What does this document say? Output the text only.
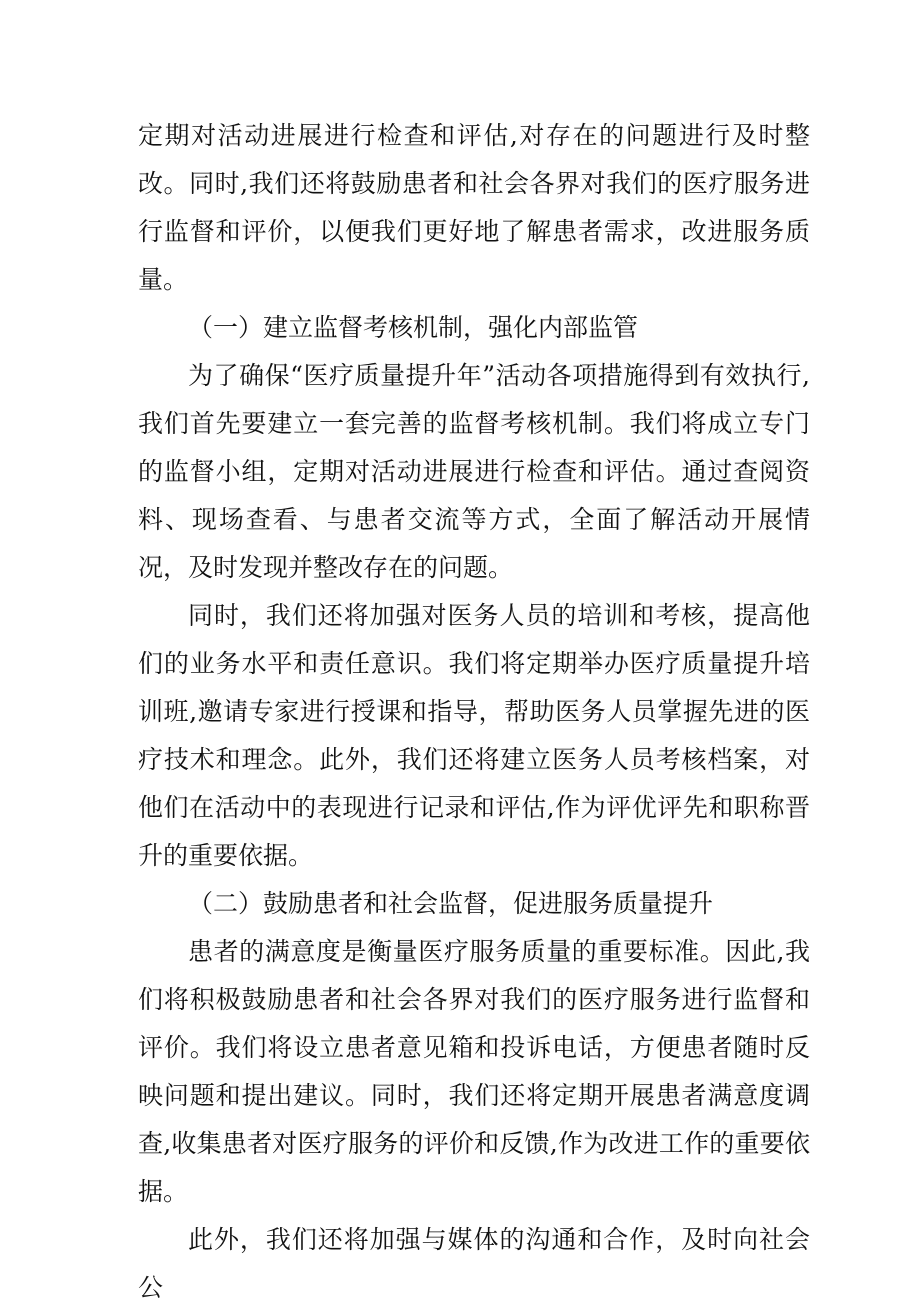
定期对活动进展进行检查和评估,对存在的问题进行及时整改。同时,我们还将鼓励患者和社会各界对我们的医疗服务进行监督和评价，以便我们更好地了解患者需求，改进服务质量。

（一）建立监督考核机制，强化内部监管

为了确保“医疗质量提升年”活动各项措施得到有效执行,我们首先要建立一套完善的监督考核机制。我们将成立专门的监督小组，定期对活动进展进行检查和评估。通过查阅资料、现场查看、与患者交流等方式，全面了解活动开展情况，及时发现并整改存在的问题。

同时，我们还将加强对医务人员的培训和考核，提高他们的业务水平和责任意识。我们将定期举办医疗质量提升培训班,邀请专家进行授课和指导，帮助医务人员掌握先进的医疗技术和理念。此外，我们还将建立医务人员考核档案，对他们在活动中的表现进行记录和评估,作为评优评先和职称晋升的重要依据。

（二）鼓励患者和社会监督，促进服务质量提升

患者的满意度是衡量医疗服务质量的重要标准。因此,我们将积极鼓励患者和社会各界对我们的医疗服务进行监督和评价。我们将设立患者意见箱和投诉电话，方便患者随时反映问题和提出建议。同时，我们还将定期开展患者满意度调查,收集患者对医疗服务的评价和反馈,作为改进工作的重要依据。

此外，我们还将加强与媒体的沟通和合作，及时向社会公
